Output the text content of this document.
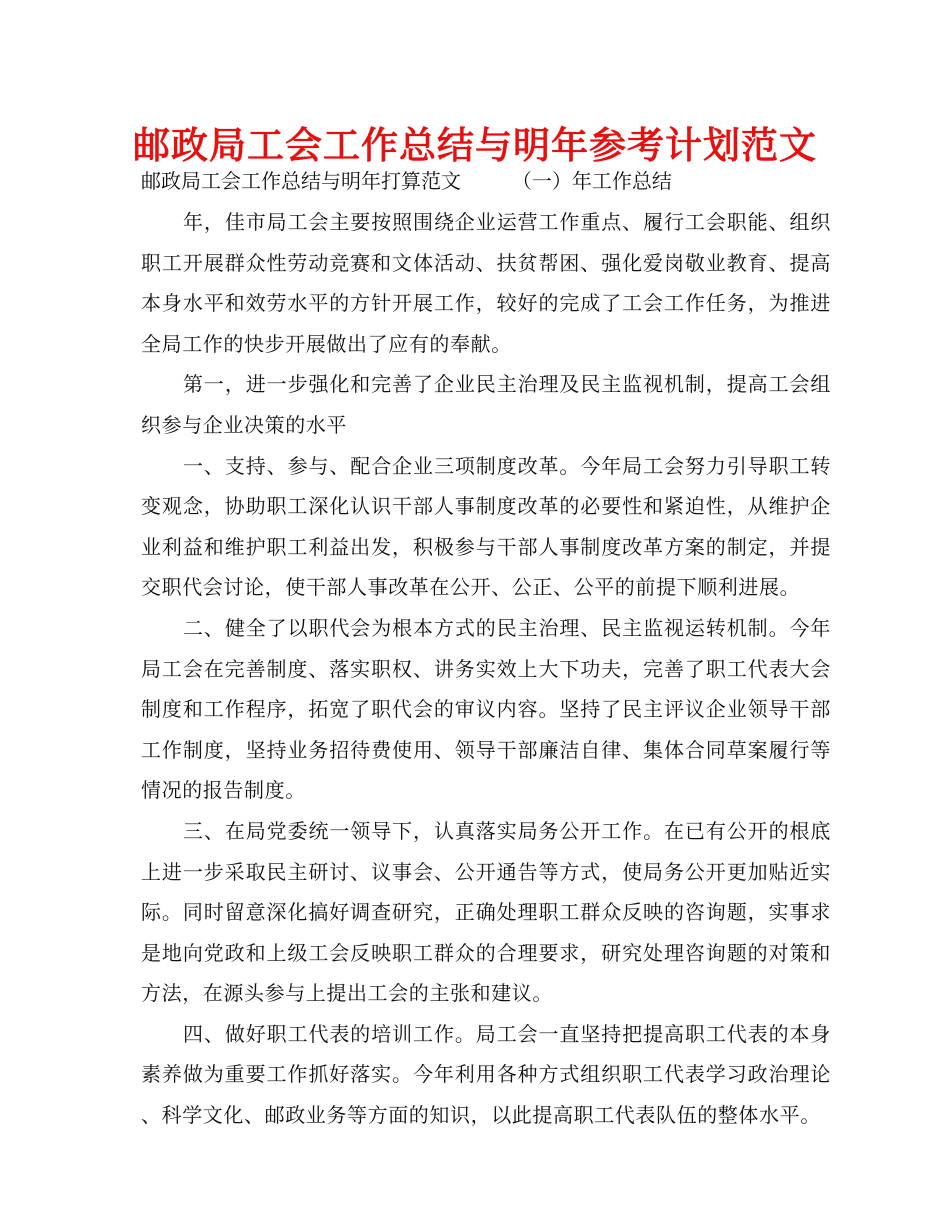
邮政局工会工作总结与明年参考计划范文
邮政局工会工作总结与明年打算范文        （一）年工作总结

年，佳市局工会主要按照围绕企业运营工作重点、履行工会职能、组织职工开展群众性劳动竞赛和文体活动、扶贫帮困、强化爱岗敬业教育、提高本身水平和效劳水平的方针开展工作，较好的完成了工会工作任务，为推进全局工作的快步开展做出了应有的奉献。

第一，进一步强化和完善了企业民主治理及民主监视机制，提高工会组织参与企业决策的水平

一、支持、参与、配合企业三项制度改革。今年局工会努力引导职工转变观念，协助职工深化认识干部人事制度改革的必要性和紧迫性，从维护企业利益和维护职工利益出发，积极参与干部人事制度改革方案的制定，并提交职代会讨论，使干部人事改革在公开、公正、公平的前提下顺利进展。

二、健全了以职代会为根本方式的民主治理、民主监视运转机制。今年局工会在完善制度、落实职权、讲务实效上大下功夫，完善了职工代表大会制度和工作程序，拓宽了职代会的审议内容。坚持了民主评议企业领导干部工作制度，坚持业务招待费使用、领导干部廉洁自律、集体合同草案履行等情况的报告制度。

三、在局党委统一领导下，认真落实局务公开工作。在已有公开的根底上进一步采取民主研讨、议事会、公开通告等方式，使局务公开更加贴近实际。同时留意深化搞好调查研究，正确处理职工群众反映的咨询题，实事求是地向党政和上级工会反映职工群众的合理要求，研究处理咨询题的对策和方法，在源头参与上提出工会的主张和建议。

四、做好职工代表的培训工作。局工会一直坚持把提高职工代表的本身素养做为重要工作抓好落实。今年利用各种方式组织职工代表学习政治理论、科学文化、邮政业务等方面的知识，以此提高职工代表队伍的整体水平。
